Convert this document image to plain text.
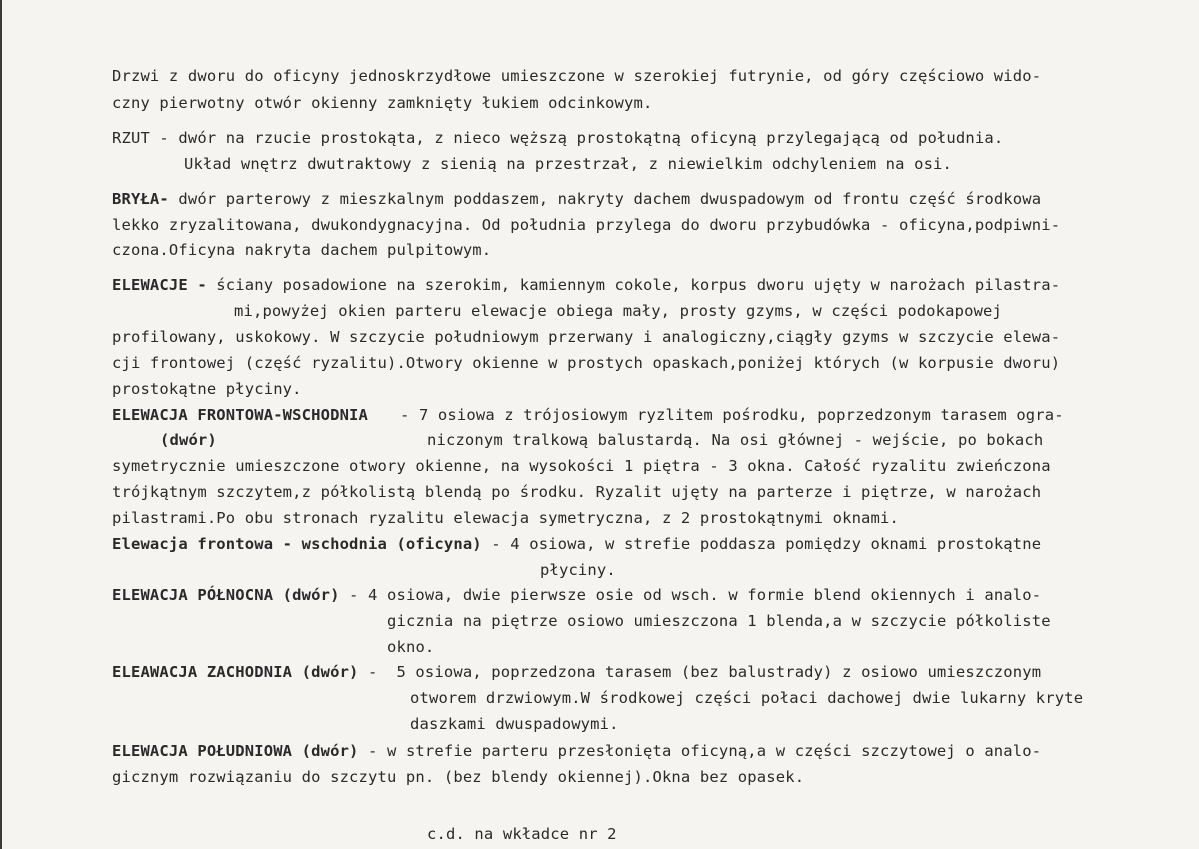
Drzwi z dworu do oficyny jednoskrzydłowe umieszczone w szerokiej futrynie, od góry częściowo wido-
czny pierwotny otwór okienny zamknięty łukiem odcinkowym.
RZUT - dwór na rzucie prostokąta, z nieco węższą prostokątną oficyną przylegającą od południa.
Układ wnętrz dwutraktowy z sienią na przestrzał, z niewielkim odchyleniem na osi.
BRYŁA- dwór parterowy z mieszkalnym poddaszem, nakryty dachem dwuspadowym od frontu część środkowa
lekko zryzalitowana, dwukondygnacyjna. Od południa przylega do dworu przybudówka - oficyna,podpiwni-
czona.Oficyna nakryta dachem pulpitowym.
ELEWACJE - ściany posadowione na szerokim, kamiennym cokole, korpus dworu ujęty w narożach pilastra-
mi,powyżej okien parteru elewacje obiega mały, prosty gzyms, w części podokapowej
profilowany, uskokowy. W szczycie południowym przerwany i analogiczny,ciągły gzyms w szczycie elewa-
cji frontowej (część ryzalitu).Otwory okienne w prostych opaskach,poniżej których (w korpusie dworu)
prostokątne płyciny.
ELEWACJA FRONTOWA-WSCHODNIA - 7 osiowa z trójosiowym ryzlitem pośrodku, poprzedzonym tarasem ogra-
(dwór)	niczonym tralkową balustardą. Na osi głównej - wejście, po bokach
symetrycznie umieszczone otwory okienne, na wysokości 1 piętra - 3 okna. Całość ryzalitu zwieńczona
trójkątnym szczytem,z półkolistą blendą po środku. Ryzalit ujęty na parterze i piętrze, w narożach
pilastrami.Po obu stronach ryzalitu elewacja symetryczna, z 2 prostokątnymi oknami.
Elewacja frontowa - wschodnia (oficyna) - 4 osiowa, w strefie poddasza pomiędzy oknami prostokątne
płyciny.
ELEWACJA PÓŁNOCNA (dwór) - 4 osiowa, dwie pierwsze osie od wsch. w formie blend okiennych i analo-
gicznia na piętrze osiowo umieszczona 1 blenda,a w szczycie półkoliste
okno.
ELEAWACJA ZACHODNIA (dwór) -  5 osiowa, poprzedzona tarasem (bez balustrady) z osiowo umieszczonym
otworem drzwiowym.W środkowej części połaci dachowej dwie lukarny kryte
daszkami dwuspadowymi.
ELEWACJA POŁUDNIOWA (dwór) - w strefie parteru przesłonięta oficyną,a w części szczytowej o analo-
gicznym rozwiązaniu do szczytu pn. (bez blendy okiennej).Okna bez opasek.
c.d. na wkładce nr 2
